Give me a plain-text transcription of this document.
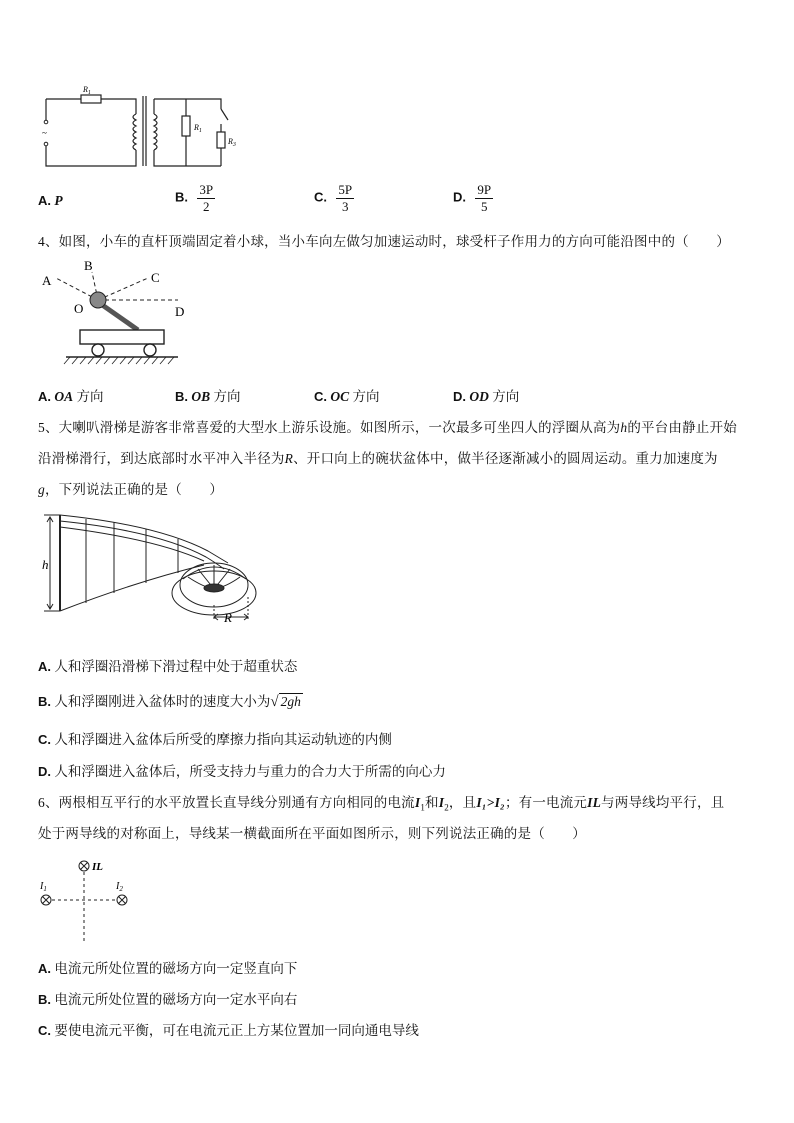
~
$R_1$
$R_1$
$R_3$
A. P	B. $\frac{3P}{2}$	C. $\frac{5P}{3}$	D. $\frac{9P}{5}$
4、如图，小车的直杆顶端固定着小球，当小车向左做匀加速运动时，球受杆子作用力的方向可能沿图中的（　　）
A
B
C
D
O
A. OA 方向	B. OB 方向	C. OC 方向	D. OD 方向
5、大喇叭滑梯是游客非常喜爱的大型水上游乐设施。如图所示，一次最多可坐四人的浮圈从高为h的平台由静止开始
沿滑梯滑行，到达底部时水平冲入半径为R、开口向上的碗状盆体中，做半径逐渐减小的圆周运动。重力加速度为
g，下列说法正确的是（　　）
h
R
A. 人和浮圈沿滑梯下滑过程中处于超重状态
B. 人和浮圈刚进入盆体时的速度大小为√ 2gh
C. 人和浮圈进入盆体后所受的摩擦力指向其运动轨迹的内侧
D. 人和浮圈进入盆体后，所受支持力与重力的合力大于所需的向心力
6、两根相互平行的水平放置长直导线分别通有方向相同的电流$I_1$和$I_2$，且I₁>I₂；有一电流元IL与两导线均平行，且
处于两导线的对称面上，导线某一横截面所在平面如图所示，则下列说法正确的是（　　）
IL
$I_1$	$I_2$
A. 电流元所处位置的磁场方向一定竖直向下
B. 电流元所处位置的磁场方向一定水平向右
C. 要使电流元平衡，可在电流元正上方某位置加一同向通电导线
